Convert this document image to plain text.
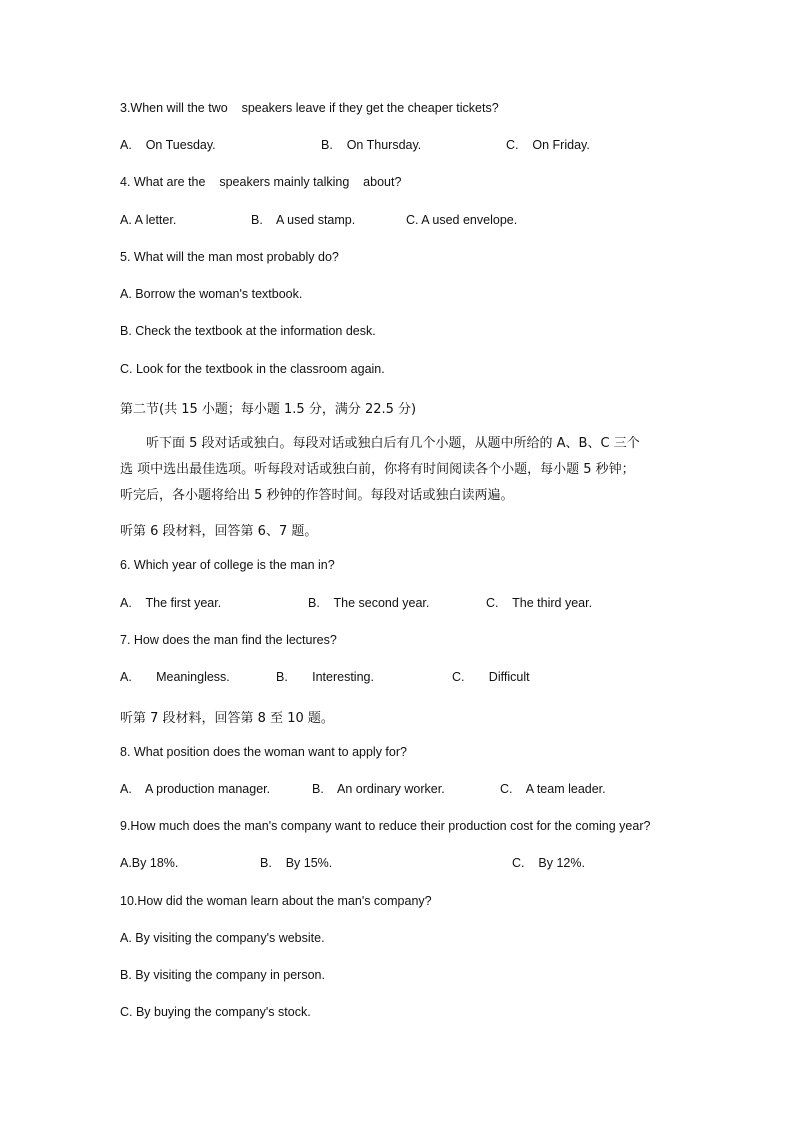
3.When will the two    speakers leave if they get the cheaper tickets?
A.    On Tuesday.	B.    On Thursday.	C.    On Friday.
4. What are the    speakers mainly talking    about?
A. A letter.	B.    A used stamp.	C. A used envelope.
5. What will the man most probably do?
A. Borrow the woman's textbook.
B. Check the textbook at the information desk.
C. Look for the textbook in the classroom again.
第二节(共 15 小题；每小题 1.5 分，满分 22.5 分)
听下面 5 段对话或独白。每段对话或独白后有几个小题，从题中所给的 A、B、C 三个
选 项中选出最佳选项。听每段对话或独白前，你将有时间阅读各个小题，每小题 5 秒钟；
听完后，各小题将给出 5 秒钟的作答时间。每段对话或独白读两遍。
听第 6 段材料，回答第 6、7 题。
6. Which year of college is the man in?
A.    The first year.	B.    The second year.	C.    The third year.
7. How does the man find the lectures?
A.       Meaningless.	B.       Interesting.	C.       Difficult
听第 7 段材料，回答第 8 至 10 题。
8. What position does the woman want to apply for?
A.    A production manager.	B.    An ordinary worker.	C.    A team leader.
9.How much does the man's company want to reduce their production cost for the coming year?
A.By 18%.	B.    By 15%.	C.    By 12%.
10.How did the woman learn about the man's company?
A. By visiting the company's website.
B. By visiting the company in person.
C. By buying the company's stock.
